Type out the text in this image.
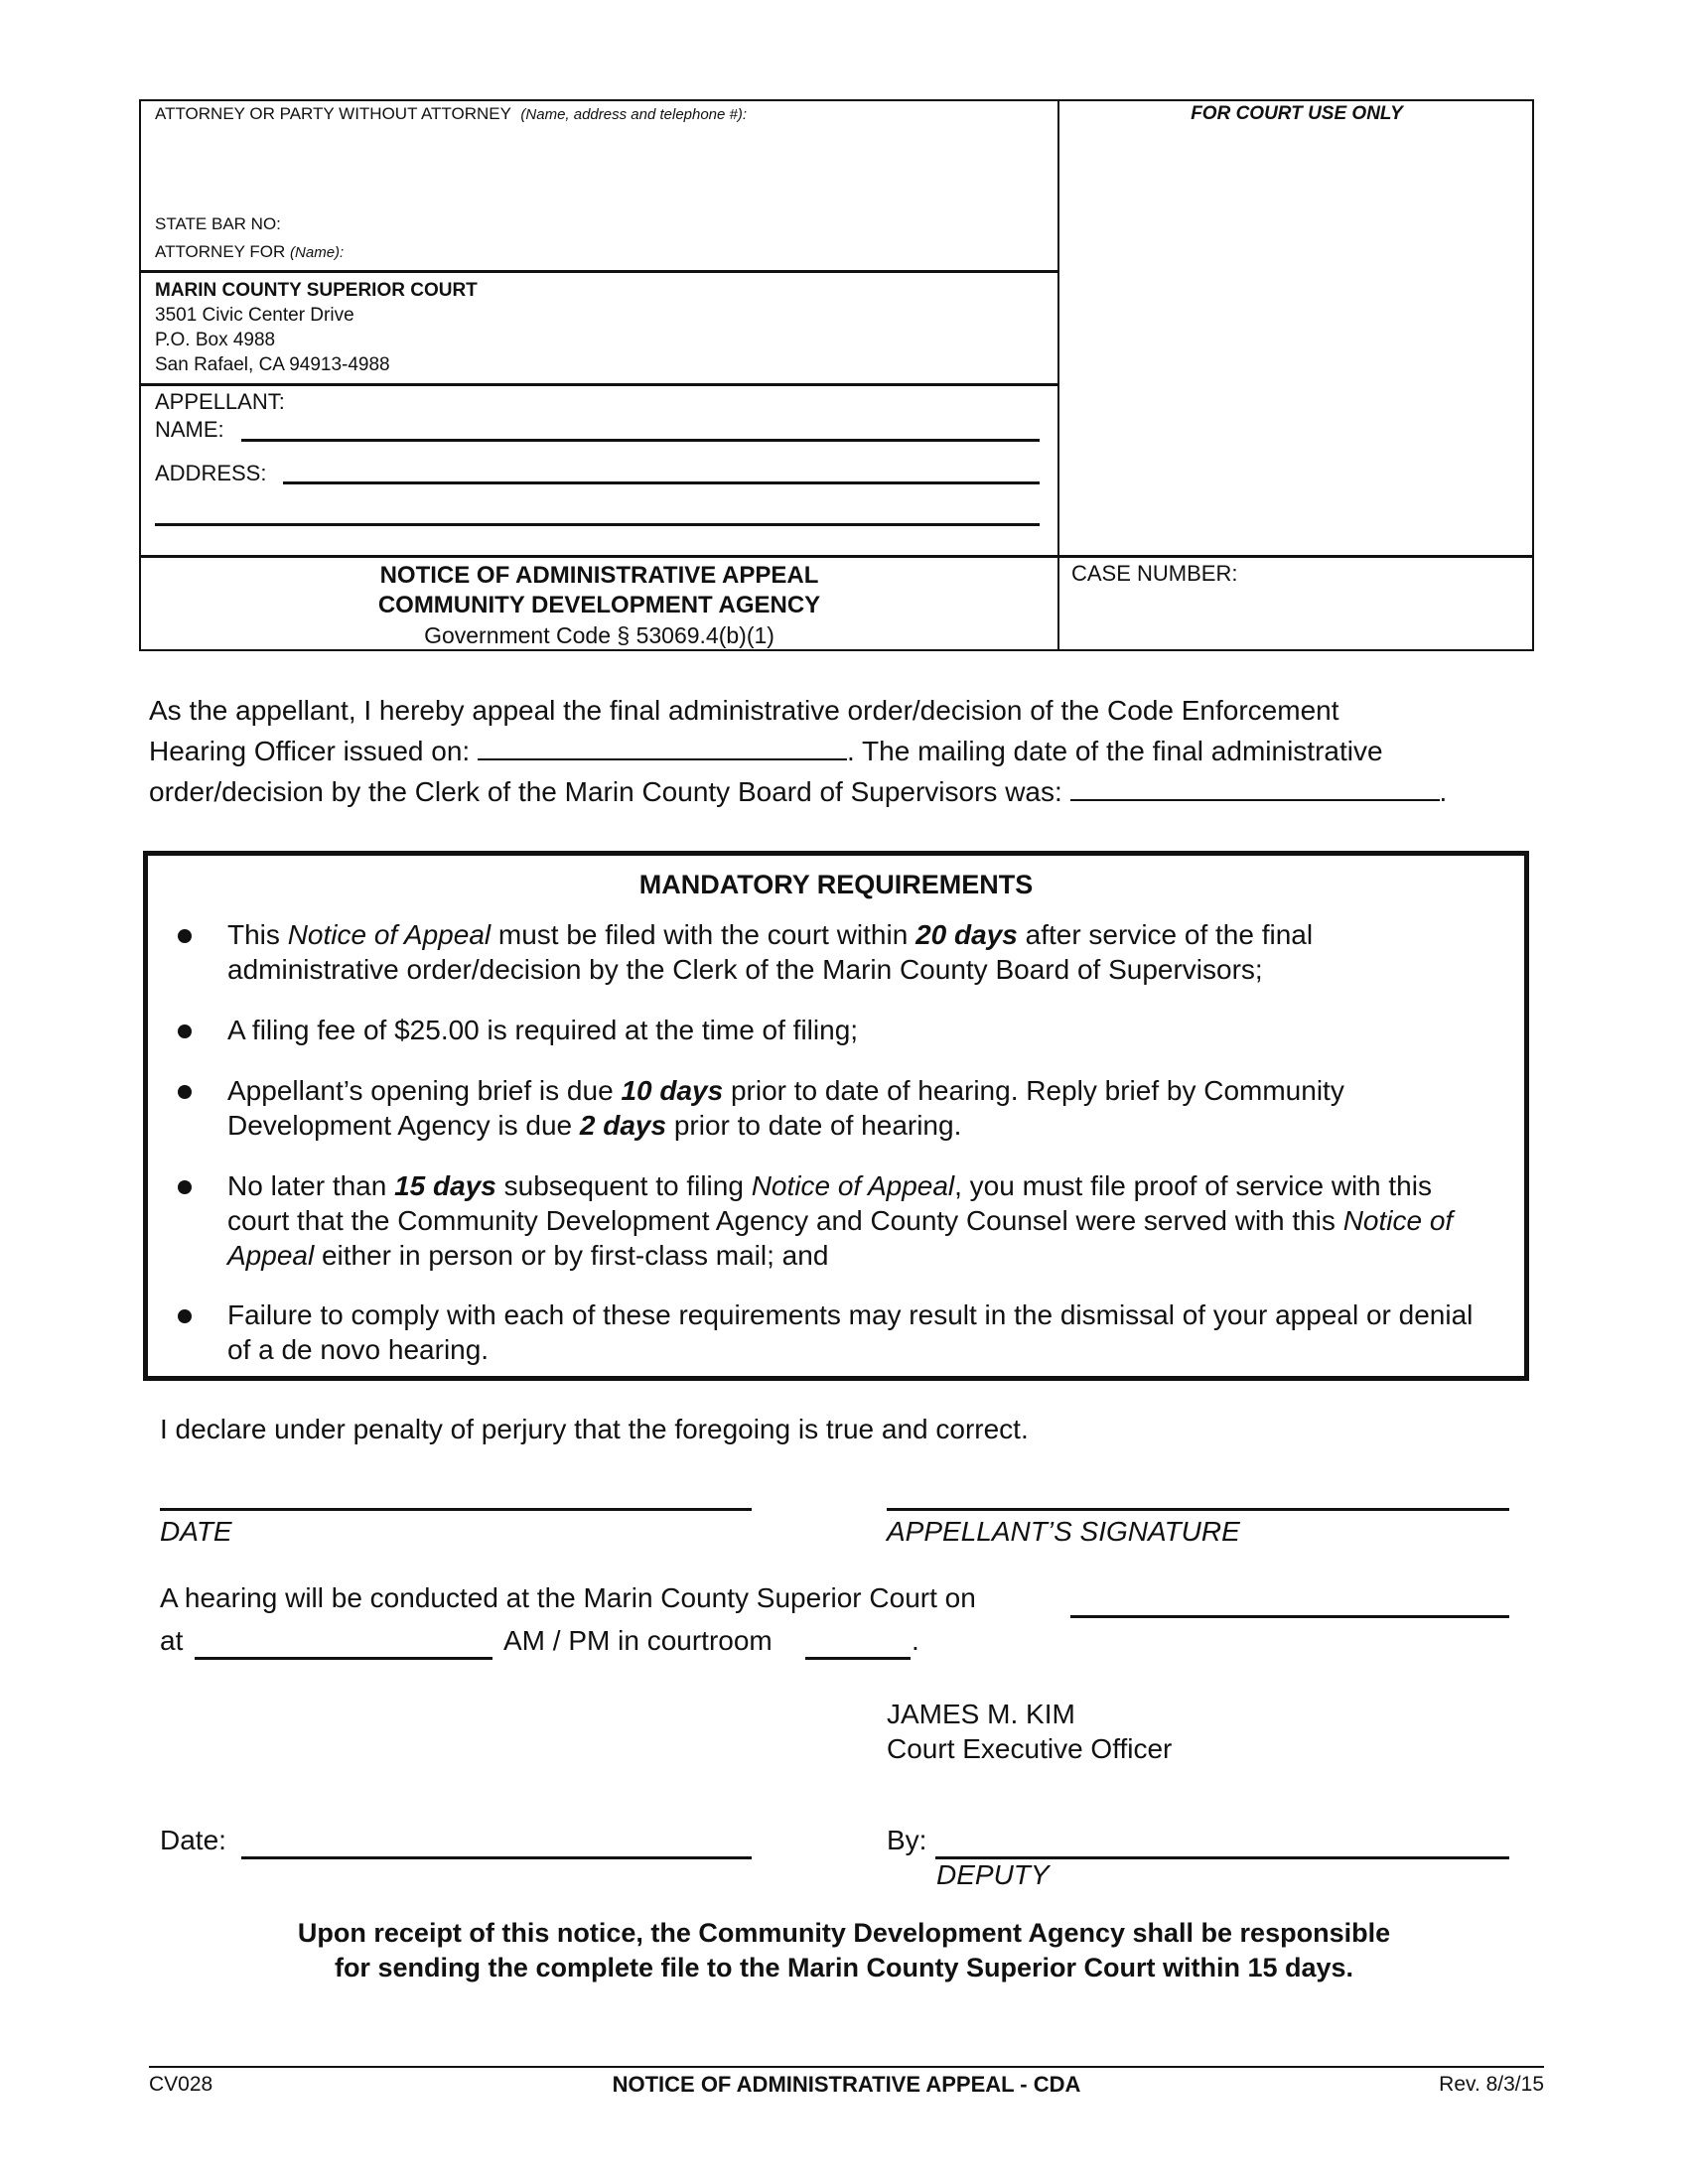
ATTORNEY OR PARTY WITHOUT ATTORNEY (Name, address and telephone #):
STATE BAR NO:
ATTORNEY FOR (Name):
MARIN COUNTY SUPERIOR COURT
3501 Civic Center Drive
P.O. Box 4988
San Rafael, CA 94913-4988
APPELLANT:
NAME:
ADDRESS:
NOTICE OF ADMINISTRATIVE APPEAL
COMMUNITY DEVELOPMENT AGENCY
Government Code § 53069.4(b)(1)
FOR COURT USE ONLY
CASE NUMBER:
As the appellant, I hereby appeal the final administrative order/decision of the Code Enforcement
Hearing Officer issued on:	. The mailing date of the final administrative
order/decision by the Clerk of the Marin County Board of Supervisors was:	.
MANDATORY REQUIREMENTS
This Notice of Appeal must be filed with the court within 20 days after service of the final administrative order/decision by the Clerk of the Marin County Board of Supervisors;
A filing fee of $25.00 is required at the time of filing;
Appellant’s opening brief is due 10 days prior to date of hearing. Reply brief by Community Development Agency is due 2 days prior to date of hearing.
No later than 15 days subsequent to filing Notice of Appeal, you must file proof of service with this court that the Community Development Agency and County Counsel were served with this Notice of Appeal either in person or by first-class mail; and
Failure to comply with each of these requirements may result in the dismissal of your appeal or denial of a de novo hearing.
I declare under penalty of perjury that the foregoing is true and correct.
DATE	APPELLANT’S SIGNATURE
A hearing will be conducted at the Marin County Superior Court on
at	AM / PM in courtroom	.
JAMES M. KIM
Court Executive Officer
Date:	By:
DEPUTY
Upon receipt of this notice, the Community Development Agency shall be responsible
for sending the complete file to the Marin County Superior Court within 15 days.
CV028	NOTICE OF ADMINISTRATIVE APPEAL - CDA	Rev. 8/3/15
